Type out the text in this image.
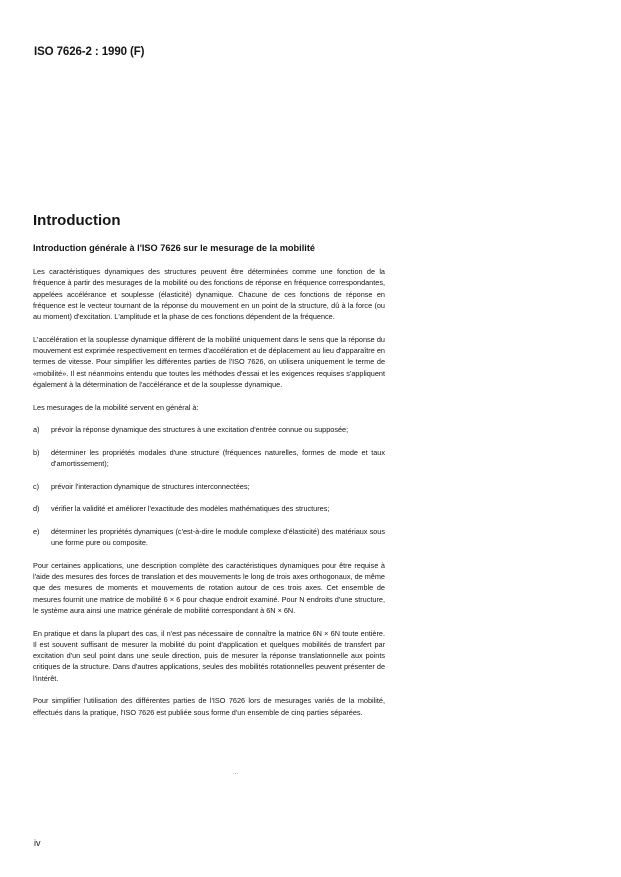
ISO 7626-2 : 1990 (F)
Introduction
Introduction générale à l'ISO 7626 sur le mesurage de la mobilité

Les caractéristiques dynamiques des structures peuvent être déterminées comme une fonction de la fréquence à partir des mesurages de la mobilité ou des fonctions de réponse en fréquence correspondantes, appelées accélérance et souplesse (élasticité) dynamique. Chacune de ces fonctions de réponse en fréquence est le vecteur tournant de la réponse du mouvement en un point de la structure, dû à la force (ou au moment) d'excitation. L'amplitude et la phase de ces fonctions dépendent de la fréquence.

L'accélération et la souplesse dynamique diffèrent de la mobilité uniquement dans le sens que la réponse du mouvement est exprimée respectivement en termes d'accélération et de déplacement au lieu d'apparaître en termes de vitesse. Pour simplifier les différentes parties de l'ISO 7626, on utilisera uniquement le terme de «mobilité». Il est néanmoins entendu que toutes les méthodes d'essai et les exigences requises s'appliquent également à la détermination de l'accélérance et de la souplesse dynamique.

Les mesurages de la mobilité servent en général à:

a) prévoir la réponse dynamique des structures à une excitation d'entrée connue ou supposée;
b) déterminer les propriétés modales d'une structure (fréquences naturelles, formes de mode et taux d'amortissement);
c) prévoir l'interaction dynamique de structures interconnectées;
d) vérifier la validité et améliorer l'exactitude des modèles mathématiques des structures;
e) déterminer les propriétés dynamiques (c'est-à-dire le module complexe d'élasticité) des matériaux sous une forme pure ou composite.

Pour certaines applications, une description complète des caractéristiques dynamiques pour être requise à l'aide des mesures des forces de translation et des mouvements le long de trois axes orthogonaux, de même que des mesures de moments et mouvements de rotation autour de ces trois axes. Cet ensemble de mesures fournit une matrice de mobilité 6 × 6 pour chaque endroit examiné. Pour N endroits d'une structure, le système aura ainsi une matrice générale de mobilité correspondant à 6N × 6N.

En pratique et dans la plupart des cas, il n'est pas nécessaire de connaître la matrice 6N × 6N toute entière. Il est souvent suffisant de mesurer la mobilité du point d'application et quelques mobilités de transfert par excitation d'un seul point dans une seule direction, puis de mesurer la réponse translationnelle aux points critiques de la structure. Dans d'autres applications, seules des mobilités rotationnelles peuvent présenter de l'intérêt.

Pour simplifier l'utilisation des différentes parties de l'ISO 7626 lors de mesurages variés de la mobilité, effectués dans la pratique, l'ISO 7626 est publiée sous forme d'un ensemble de cinq parties séparées.

...
iv
